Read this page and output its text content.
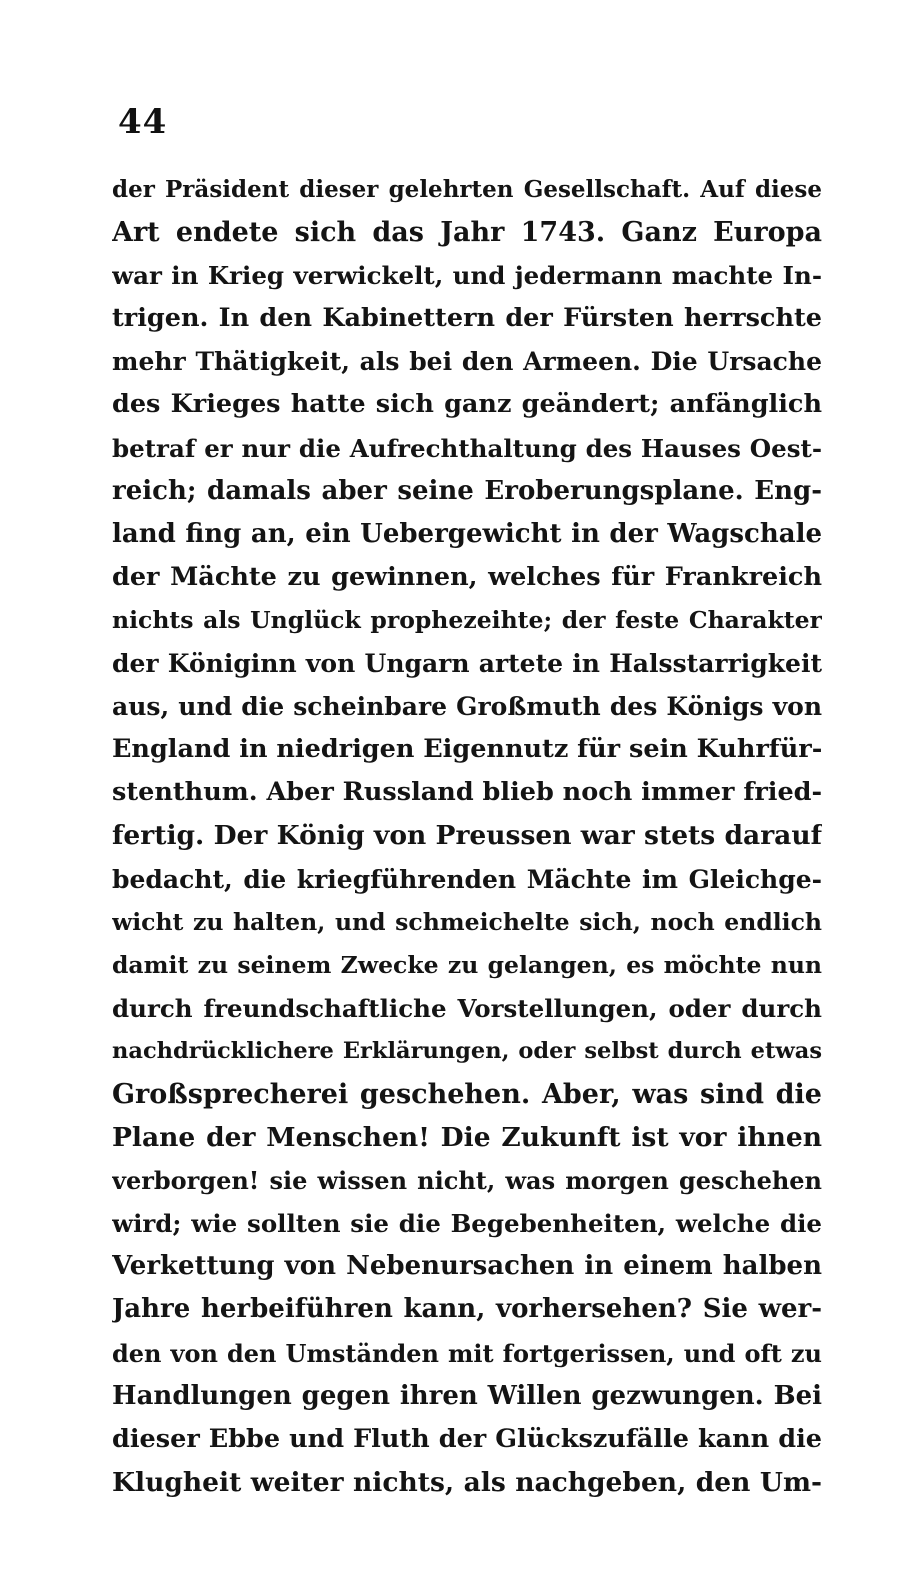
44
der Präsident dieser gelehrten Gesellschaft. Auf diese
Art endete sich das Jahr 1743. Ganz Europa
war in Krieg verwickelt, und jedermann machte In-
trigen. In den Kabinettern der Fürsten herrschte
mehr Thätigkeit, als bei den Armeen. Die Ursache
des Krieges hatte sich ganz geändert; anfänglich
betraf er nur die Aufrechthaltung des Hauses Oest-
reich; damals aber seine Eroberungsplane. Eng-
land fing an, ein Uebergewicht in der Wagschale
der Mächte zu gewinnen, welches für Frankreich
nichts als Unglück prophezeihte; der feste Charakter
der Königinn von Ungarn artete in Halsstarrigkeit
aus, und die scheinbare Großmuth des Königs von
England in niedrigen Eigennutz für sein Kuhrfür-
stenthum. Aber Russland blieb noch immer fried-
fertig. Der König von Preussen war stets darauf
bedacht, die kriegführenden Mächte im Gleichge-
wicht zu halten, und schmeichelte sich, noch endlich
damit zu seinem Zwecke zu gelangen, es möchte nun
durch freundschaftliche Vorstellungen, oder durch
nachdrücklichere Erklärungen, oder selbst durch etwas
Großsprecherei geschehen. Aber, was sind die
Plane der Menschen! Die Zukunft ist vor ihnen
verborgen! sie wissen nicht, was morgen geschehen
wird; wie sollten sie die Begebenheiten, welche die
Verkettung von Nebenursachen in einem halben
Jahre herbeiführen kann, vorhersehen? Sie wer-
den von den Umständen mit fortgerissen, und oft zu
Handlungen gegen ihren Willen gezwungen. Bei
dieser Ebbe und Fluth der Glückszufälle kann die
Klugheit weiter nichts, als nachgeben, den Um-
